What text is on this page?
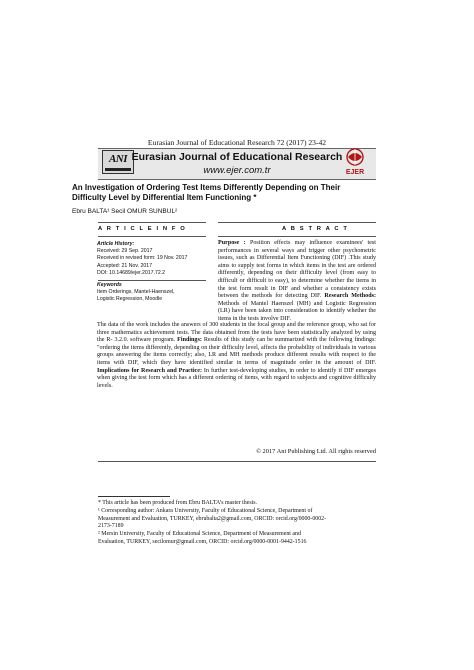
Eurasian Journal of Educational Research 72 (2017) 23-42
ANI Eurasian Journal of Educational Research
www.ejer.com.tr	EJER
An Investigation of Ordering Test Items Differently Depending on Their
Difficulty Level by Differential Item Functioning *
Ebru BALTA¹ Secil OMUR SUNBUL²
A R T I C L E I N F O	A B S T R A C T
Article History:
Received: 29 Sep. 2017
Received in revised form: 19 Nov. 2017
Accepted: 21 Nov. 2017
DOI: 10.14689/ejer.2017.72.2
Keywords
Item Orderings, Mantel-Haenszel,
Logistic Regression, Moodle
Purpose : Position effects may influence examinees' test performances in several ways and trigger other psychometric issues, such as Differential Item Functioning (DIF) .This study aims to supply test forms in which items in the test are ordered differently, depending on their difficulty level (from easy to difficult or difficult to easy), to determine whether the items in the test form result in DIF and whether a consistency exists between the methods for detecting DIF. Research Methods: Methods of Mantel Haenszel (MH) and Logistic Regression (LR) have been taken into consideration to identify whether the items in the tests involve DIF.
The data of the work includes the answers of 300 students in the focal group and the reference group, who sat for three mathematics achievement tests. The data obtained from the tests have been statistically analyzed by using the R- 3.2.0. software program. Findings: Results of this study can be summarized with the following findings: "ordering the items differently, depending on their difficulty level, affects the probability of individuals in various groups answering the items correctly; also, LR and MH methods produce different results with respect to the items with DIF, which they have identified similar in terms of magnitude order in the amount of DIF. Implications for Research and Practice: In further test-developing studies, in order to identify if DIF emerges when giving the test form which has a different ordering of items, with regard to subjects and cognitive difficulty levels.
© 2017 Ani Publishing Ltd. All rights reserved
* This article has been produced from Ebru BALTA’s master thesis.
¹ Corresponding author: Ankara University, Faculty of Educational Science, Department of
Measurement and Evaluation, TURKEY, ebrubalta2@gmail.com, ORCID: orcid.org/0000-0002-
2173-7189
² Mersin University, Faculty of Educational Science, Department of Measurement and
Evaluation, TURKEY, secilomur@gmail.com, ORCID: orcid.org/0000-0001-9442-1516
